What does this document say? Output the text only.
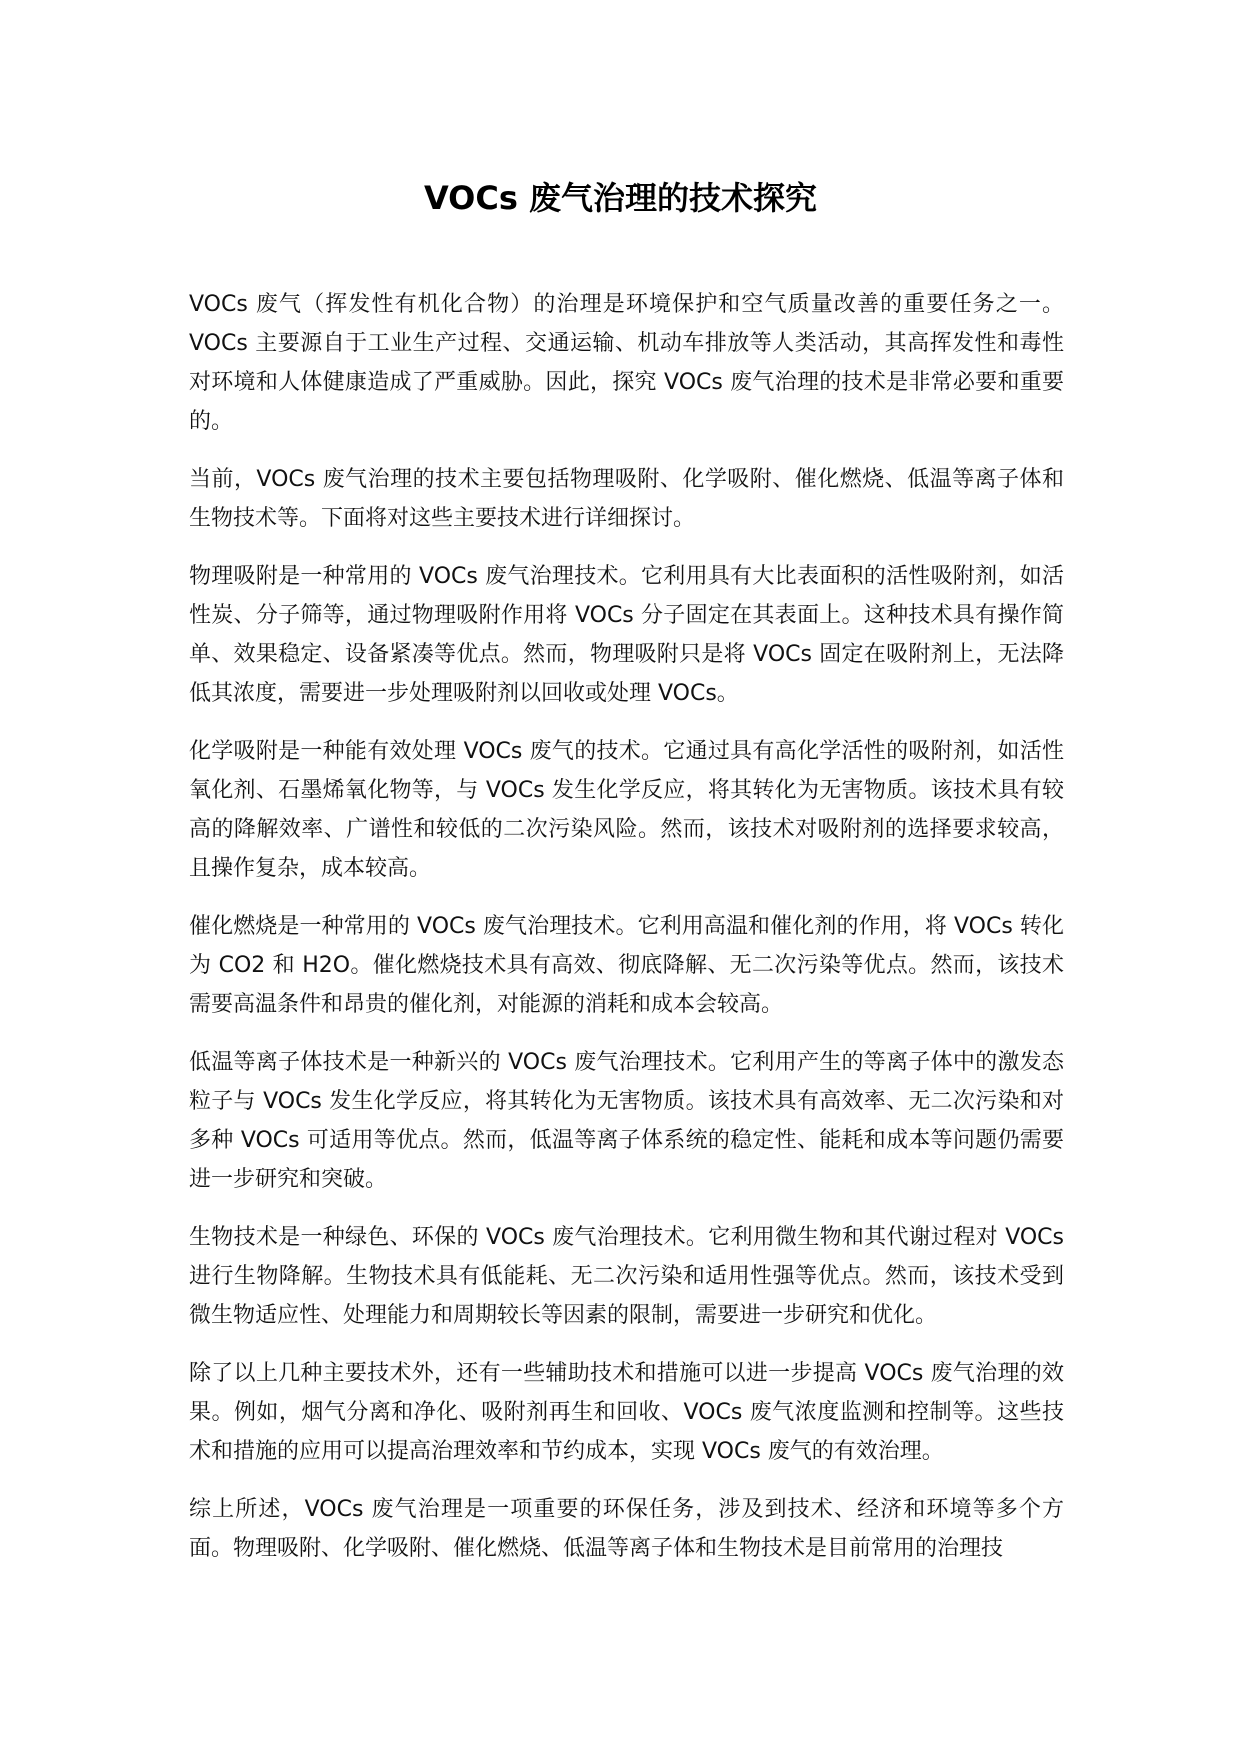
VOCs 废气治理的技术探究

VOCs 废气（挥发性有机化合物）的治理是环境保护和空气质量改善的重要任务之一。VOCs 主要源自于工业生产过程、交通运输、机动车排放等人类活动，其高挥发性和毒性对环境和人体健康造成了严重威胁。因此，探究 VOCs 废气治理的技术是非常必要和重要的。

当前，VOCs 废气治理的技术主要包括物理吸附、化学吸附、催化燃烧、低温等离子体和生物技术等。下面将对这些主要技术进行详细探讨。

物理吸附是一种常用的 VOCs 废气治理技术。它利用具有大比表面积的活性吸附剂，如活性炭、分子筛等，通过物理吸附作用将 VOCs 分子固定在其表面上。这种技术具有操作简单、效果稳定、设备紧凑等优点。然而，物理吸附只是将 VOCs 固定在吸附剂上，无法降低其浓度，需要进一步处理吸附剂以回收或处理 VOCs。

化学吸附是一种能有效处理 VOCs 废气的技术。它通过具有高化学活性的吸附剂，如活性氧化剂、石墨烯氧化物等，与 VOCs 发生化学反应，将其转化为无害物质。该技术具有较高的降解效率、广谱性和较低的二次污染风险。然而，该技术对吸附剂的选择要求较高，且操作复杂，成本较高。

催化燃烧是一种常用的 VOCs 废气治理技术。它利用高温和催化剂的作用，将 VOCs 转化为 CO2 和 H2O。催化燃烧技术具有高效、彻底降解、无二次污染等优点。然而，该技术需要高温条件和昂贵的催化剂，对能源的消耗和成本会较高。

低温等离子体技术是一种新兴的 VOCs 废气治理技术。它利用产生的等离子体中的激发态粒子与 VOCs 发生化学反应，将其转化为无害物质。该技术具有高效率、无二次污染和对多种 VOCs 可适用等优点。然而，低温等离子体系统的稳定性、能耗和成本等问题仍需要进一步研究和突破。

生物技术是一种绿色、环保的 VOCs 废气治理技术。它利用微生物和其代谢过程对 VOCs 进行生物降解。生物技术具有低能耗、无二次污染和适用性强等优点。然而，该技术受到微生物适应性、处理能力和周期较长等因素的限制，需要进一步研究和优化。

除了以上几种主要技术外，还有一些辅助技术和措施可以进一步提高 VOCs 废气治理的效果。例如，烟气分离和净化、吸附剂再生和回收、VOCs 废气浓度监测和控制等。这些技术和措施的应用可以提高治理效率和节约成本，实现 VOCs 废气的有效治理。

综上所述，VOCs 废气治理是一项重要的环保任务，涉及到技术、经济和环境等多个方面。物理吸附、化学吸附、催化燃烧、低温等离子体和生物技术是目前常用的治理技
